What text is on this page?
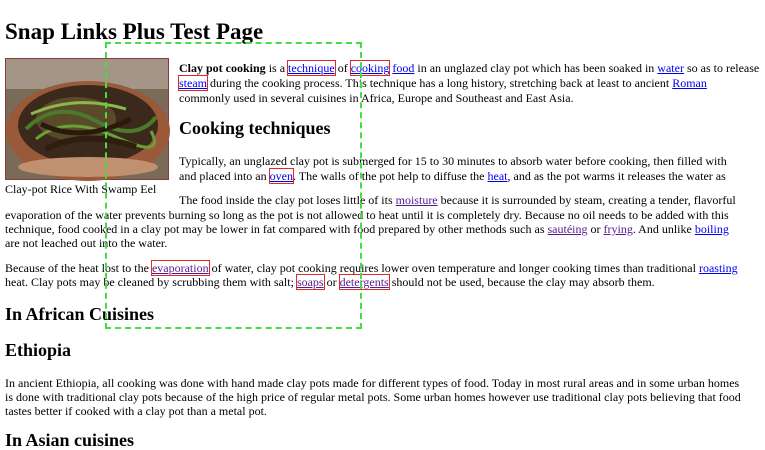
Snap Links Plus Test Page
Clay-pot Rice With Swamp Eel

Clay pot cooking is a technique of cooking food in an unglazed clay pot which has been soaked in water so as to release

steam during the cooking process. This technique has a long history, stretching back at least to ancient Roman

commonly used in several cuisines in Africa, Europe and Southeast and East Asia.

Cooking techniques

Typically, an unglazed clay pot is submerged for 15 to 30 minutes to absorb water before cooking, then filled with

and placed into an oven. The walls of the pot help to diffuse the heat, and as the pot warms it releases the water as

The food inside the clay pot loses little of its moisture because it is surrounded by steam, creating a tender, flavorful

evaporation of the water prevents burning so long as the pot is not allowed to heat until it is completely dry. Because no oil needs to be added with this

technique, food cooked in a clay pot may be lower in fat compared with food prepared by other methods such as sautéing or frying. And unlike boiling

are not leached out into the water.

Because of the heat lost to the evaporation of water, clay pot cooking requires lower oven temperature and longer cooking times than traditional roasting

heat. Clay pots may be cleaned by scrubbing them with salt; soaps or detergents should not be used, because the clay may absorb them.

In African Cuisines
Ethiopia

In ancient Ethiopia, all cooking was done with hand made clay pots made for different types of food. Today in most rural areas and in some urban homes

is done with traditional clay pots because of the high price of regular metal pots. Some urban homes however use traditional clay pots believing that food

tastes better if cooked with a clay pot than a metal pot.

In Asian cuisines
